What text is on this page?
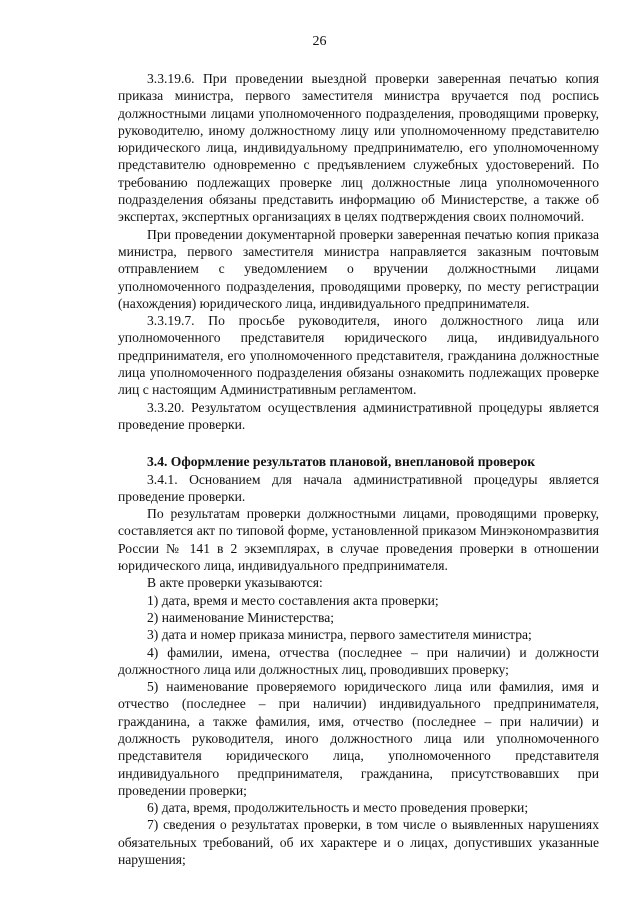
26

3.3.19.6. При проведении выездной проверки заверенная печатью копия приказа министра, первого заместителя министра вручается под роспись должностными лицами уполномоченного подразделения, проводящими проверку, руководителю, иному должностному лицу или уполномоченному представителю юридического лица, индивидуальному предпринимателю, его уполномоченному представителю одновременно с предъявлением служебных удостоверений. По требованию подлежащих проверке лиц должностные лица уполномоченного подразделения обязаны представить информацию об Министерстве, а также об экспертах, экспертных организациях в целях подтверждения своих полномочий.

При проведении документарной проверки заверенная печатью копия приказа министра, первого заместителя министра направляется заказным почтовым отправлением с уведомлением о вручении должностными лицами уполномоченного подразделения, проводящими проверку, по месту регистрации (нахождения) юридического лица, индивидуального предпринимателя.

3.3.19.7. По просьбе руководителя, иного должностного лица или уполномоченного представителя юридического лица, индивидуального предпринимателя, его уполномоченного представителя, гражданина должностные лица уполномоченного подразделения обязаны ознакомить подлежащих проверке лиц с настоящим Административным регламентом.

3.3.20. Результатом осуществления административной процедуры является проведение проверки.

3.4. Оформление результатов плановой, внеплановой проверок

3.4.1. Основанием для начала административной процедуры является проведение проверки.

По результатам проверки должностными лицами, проводящими проверку, составляется акт по типовой форме, установленной приказом Минэкономразвития России № 141 в 2 экземплярах, в случае проведения проверки в отношении юридического лица, индивидуального предпринимателя.

В акте проверки указываются:

1) дата, время и место составления акта проверки;

2) наименование Министерства;

3) дата и номер приказа министра, первого заместителя министра;

4) фамилии, имена, отчества (последнее – при наличии) и должности должностного лица или должностных лиц, проводивших проверку;

5) наименование проверяемого юридического лица или фамилия, имя и отчество (последнее – при наличии) индивидуального предпринимателя, гражданина, а также фамилия, имя, отчество (последнее – при наличии) и должность руководителя, иного должностного лица или уполномоченного представителя юридического лица, уполномоченного представителя индивидуального предпринимателя, гражданина, присутствовавших при проведении проверки;

6) дата, время, продолжительность и место проведения проверки;

7) сведения о результатах проверки, в том числе о выявленных нарушениях обязательных требований, об их характере и о лицах, допустивших указанные нарушения;
